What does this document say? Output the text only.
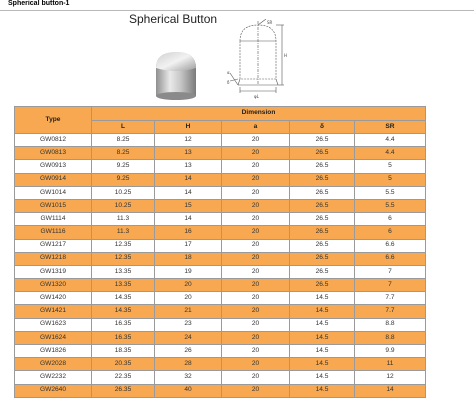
Spherical button-1
Spherical Button	SR
H
φL
α
δ
Type	Dimension				
	L	H	a	δ	SR
GW0812	8.25	12	20	26.5	4.4
GW0813	8.25	13	20	26.5	4.4
GW0913	9.25	13	20	26.5	5
GW0914	9.25	14	20	26.5	5
GW1014	10.25	14	20	26.5	5.5
GW1015	10.25	15	20	26.5	5.5
GW1114	11.3	14	20	26.5	6
GW1116	11.3	16	20	26.5	6
GW1217	12.35	17	20	26.5	6.6
GW1218	12.35	18	20	26.5	6.6
GW1319	13.35	19	20	26.5	7
GW1320	13.35	20	20	26.5	7
GW1420	14.35	20	20	14.5	7.7
GW1421	14.35	21	20	14.5	7.7
GW1623	16.35	23	20	14.5	8.8
GW1624	16.35	24	20	14.5	8.8
GW1826	18.35	26	20	14.5	9.9
GW2028	20.35	28	20	14.5	11
GW2232	22.35	32	20	14.5	12
GW2640	26.35	40	20	14.5	14
